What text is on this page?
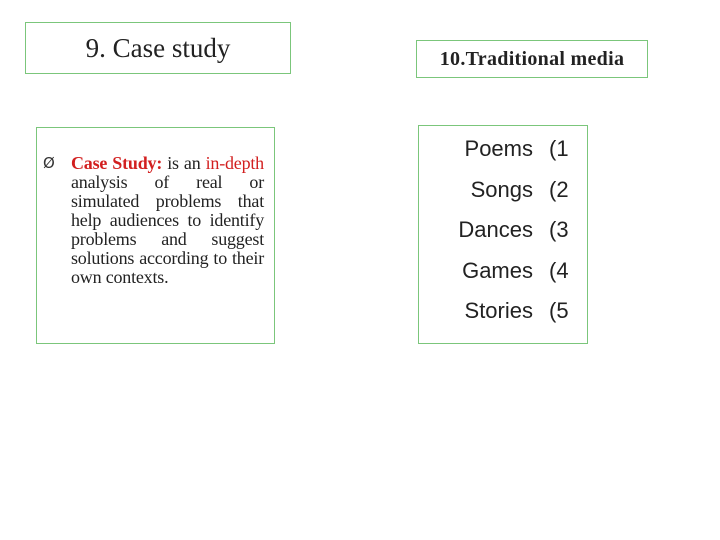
9. Case study	10.Traditional media
Ø Case Study: is an in-depth analysis of real or simulated problems that help audiences to identify problems and suggest solutions according to their own contexts.
Poems (1
Songs (2
Dances (3
Games (4
Stories (5
